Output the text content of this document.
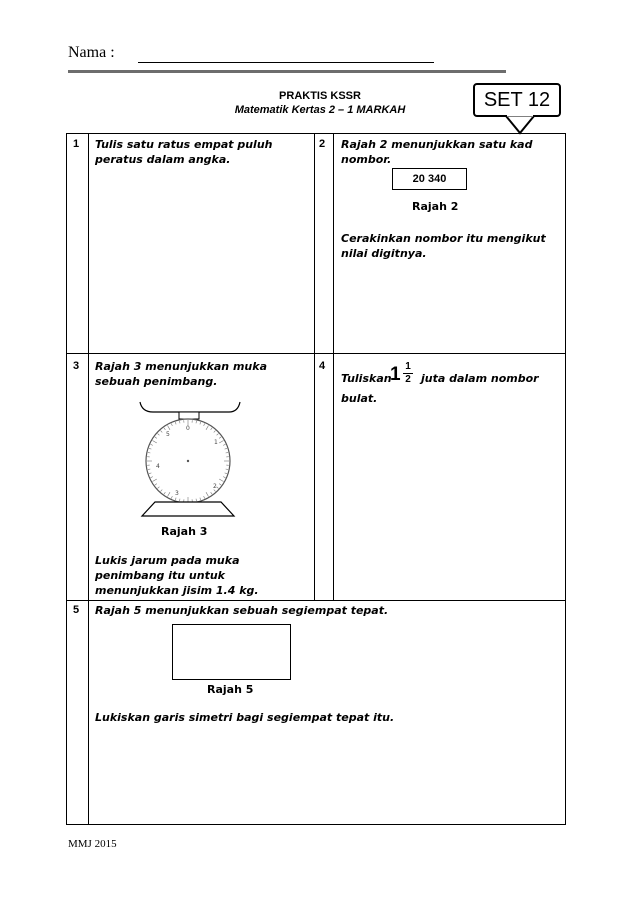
Nama :
PRAKTIS KSSR
Matematik Kertas 2 – 1 MARKAH	SET 12
1 Tulis satu ratus empat puluh
peratus dalam angka.
2 Rajah 2 menunjukkan satu kad
nombor.
20 340
Rajah 2
Cerakinkan nombor itu mengikut
nilai digitnya.
3 Rajah 3 menunjukkan muka
sebuah penimbang.
0
1
2
3
4
5
Rajah 3
Lukis jarum pada muka
penimbang itu untuk
menunjukkan jisim 1.4 kg.
4
Tuliskan
1 1
2 juta dalam nombor
bulat.
5 Rajah 5 menunjukkan sebuah segiempat tepat.
Rajah 5
Lukiskan garis simetri bagi segiempat tepat itu.
MMJ 2015
